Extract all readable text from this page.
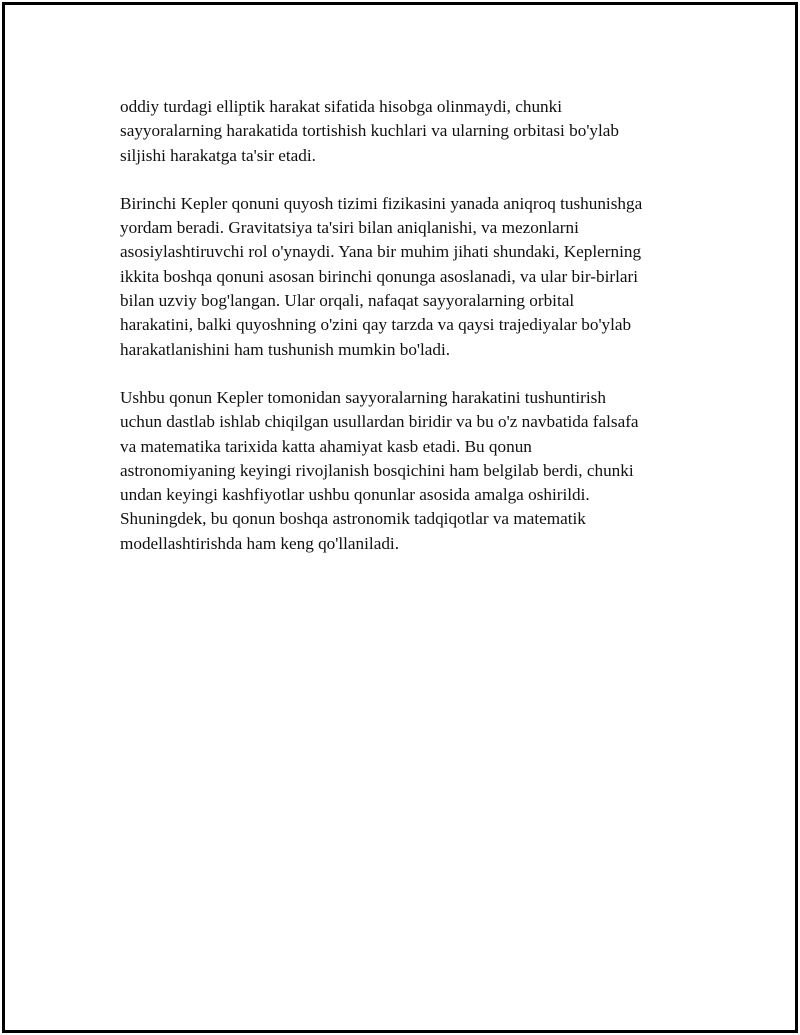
oddiy turdagi elliptik harakat sifatida hisobga olinmaydi, chunki
sayyoralarning harakatida tortishish kuchlari va ularning orbitasi bo'ylab
siljishi harakatga ta'sir etadi.

Birinchi Kepler qonuni quyosh tizimi fizikasini yanada aniqroq tushunishga
yordam beradi. Gravitatsiya ta'siri bilan aniqlanishi, va mezonlarni
asosiylashtiruvchi rol o'ynaydi. Yana bir muhim jihati shundaki, Keplerning
ikkita boshqa qonuni asosan birinchi qonunga asoslanadi, va ular bir-birlari
bilan uzviy bog'langan. Ular orqali, nafaqat sayyoralarning orbital
harakatini, balki quyoshning o'zini qay tarzda va qaysi trajediyalar bo'ylab
harakatlanishini ham tushunish mumkin bo'ladi.

Ushbu qonun Kepler tomonidan sayyoralarning harakatini tushuntirish
uchun dastlab ishlab chiqilgan usullardan biridir va bu o'z navbatida falsafa
va matematika tarixida katta ahamiyat kasb etadi. Bu qonun
astronomiyaning keyingi rivojlanish bosqichini ham belgilab berdi, chunki
undan keyingi kashfiyotlar ushbu qonunlar asosida amalga oshirildi.
Shuningdek, bu qonun boshqa astronomik tadqiqotlar va matematik
modellashtirishda ham keng qo'llaniladi.
